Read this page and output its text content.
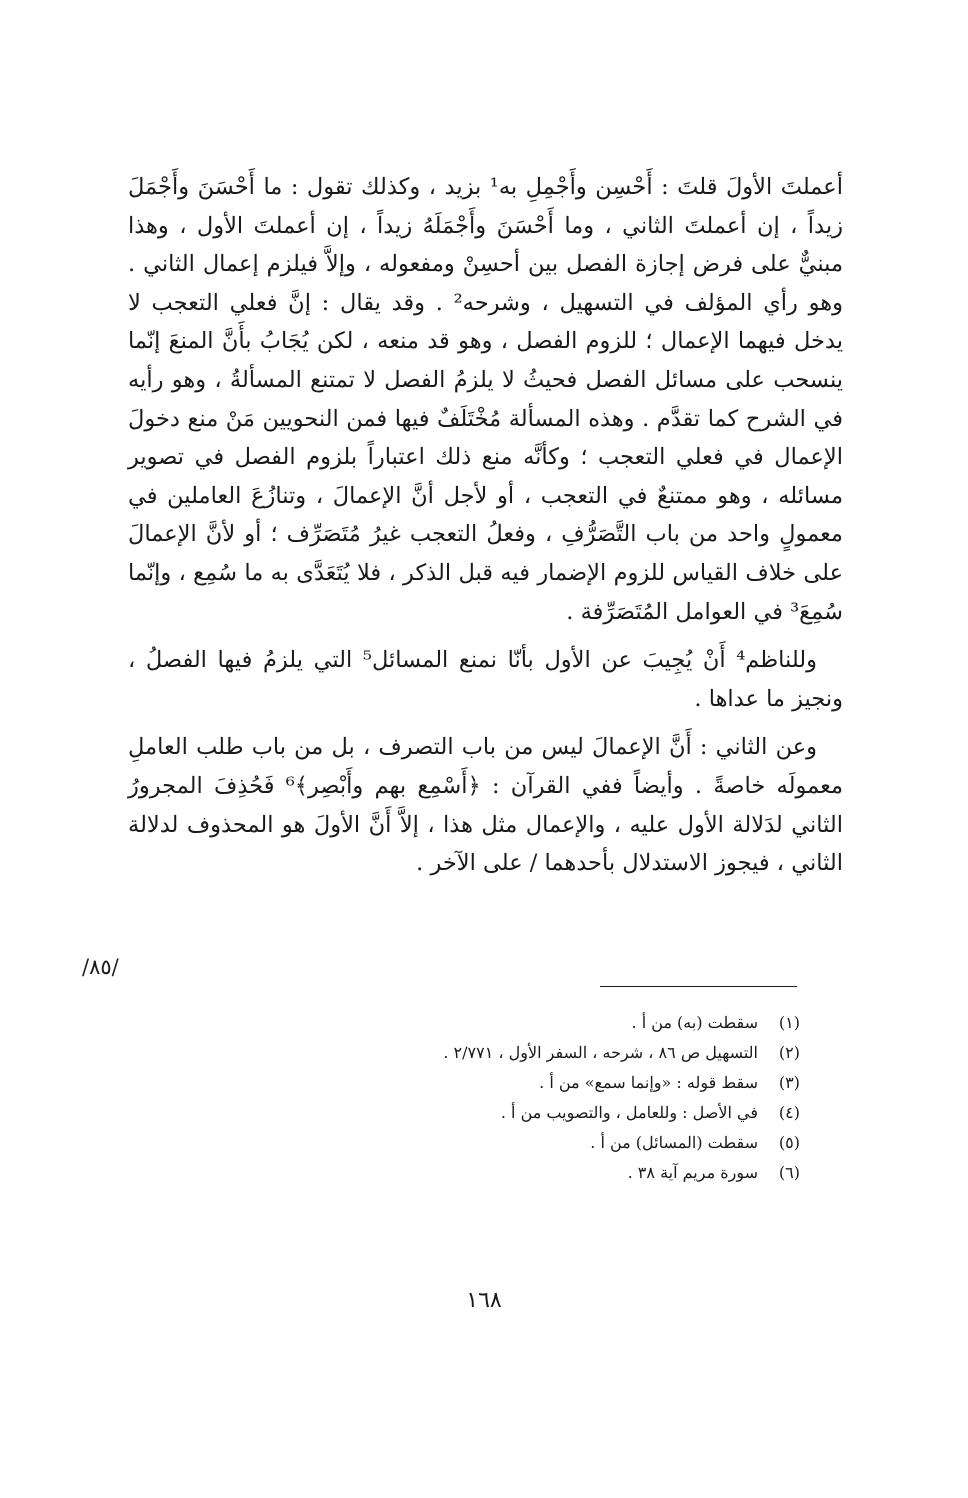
أعملتَ الأولَ قلتَ : أَحْسِن وأَجْمِلِ به¹ بزيد ، وكذلك تقول : ما أَحْسَنَ وأَجْمَلَ زيداً ، إن أعملتَ الثاني ، وما أَحْسَنَ وأَجْمَلَهُ زيداً ، إن أعملتَ الأول ، وهذا مبنيٌّ على فرض إجازة الفصل بين أحسِنْ ومفعوله ، وإلاَّ فيلزم إعمال الثاني . وهو رأي المؤلف في التسهيل ، وشرحه² . وقد يقال : إنَّ فعلي التعجب لا يدخل فيهما الإعمال ؛ للزوم الفصل ، وهو قد منعه ، لكن يُجَابُ بأَنَّ المنعَ إنّما ينسحب على مسائل الفصل فحيثُ لا يلزمُ الفصل لا تمتنع المسألةُ ، وهو رأيه في الشرح كما تقدَّم . وهذه المسألة مُخْتَلَفٌ فيها فمن النحويين مَنْ منع دخولَ الإعمال في فعلي التعجب ؛ وكأنَّه منع ذلك اعتباراً بلزوم الفصل في تصوير مسائله ، وهو ممتنعٌ في التعجب ، أو لأجل أنَّ الإعمالَ ، وتنازُعَ العاملين في معمولٍ واحد من باب التَّصَرُّفِ ، وفعلُ التعجب غيرُ مُتَصَرِّف ؛ أو لأنَّ الإعمالَ على خلاف القياس للزوم الإضمار فيه قبل الذكر ، فلا يُتَعَدَّى به ما سُمِع ، وإنّما سُمِعَ³ في العوامل المُتَصَرِّفة .

وللناظم⁴ أَنْ يُجِيبَ عن الأول بأنّا نمنع المسائل⁵ التي يلزمُ فيها الفصلُ ، ونجيز ما عداها .

وعن الثاني : أَنَّ الإعمالَ ليس من باب التصرف ، بل من باب طلب العاملِ معمولَه خاصةً . وأيضاً ففي القرآن : ﴿أَسْمِع بهم وأَبْصِر﴾⁶ فَحُذِفَ المجرورُ الثاني لدَلالة الأول عليه ، والإعمال مثل هذا ، إلاَّ أَنَّ الأولَ هو المحذوف لدلالة الثاني ، فيجوز الاستدلال بأحدهما / على الآخر .

/٨٥/
(١)
سقطت (به) من أ .
(٢)
التسهيل ص ٨٦ ، شرحه ، السفر الأول ، ٢/٧٧١ .
(٣)
سقط قوله : «وإنما سمع» من أ .
(٤)
في الأصل : وللعامل ، والتصويب من أ .
(٥)
سقطت (المسائل) من أ .
(٦)
سورة مريم آية ٣٨ .
١٦٨
